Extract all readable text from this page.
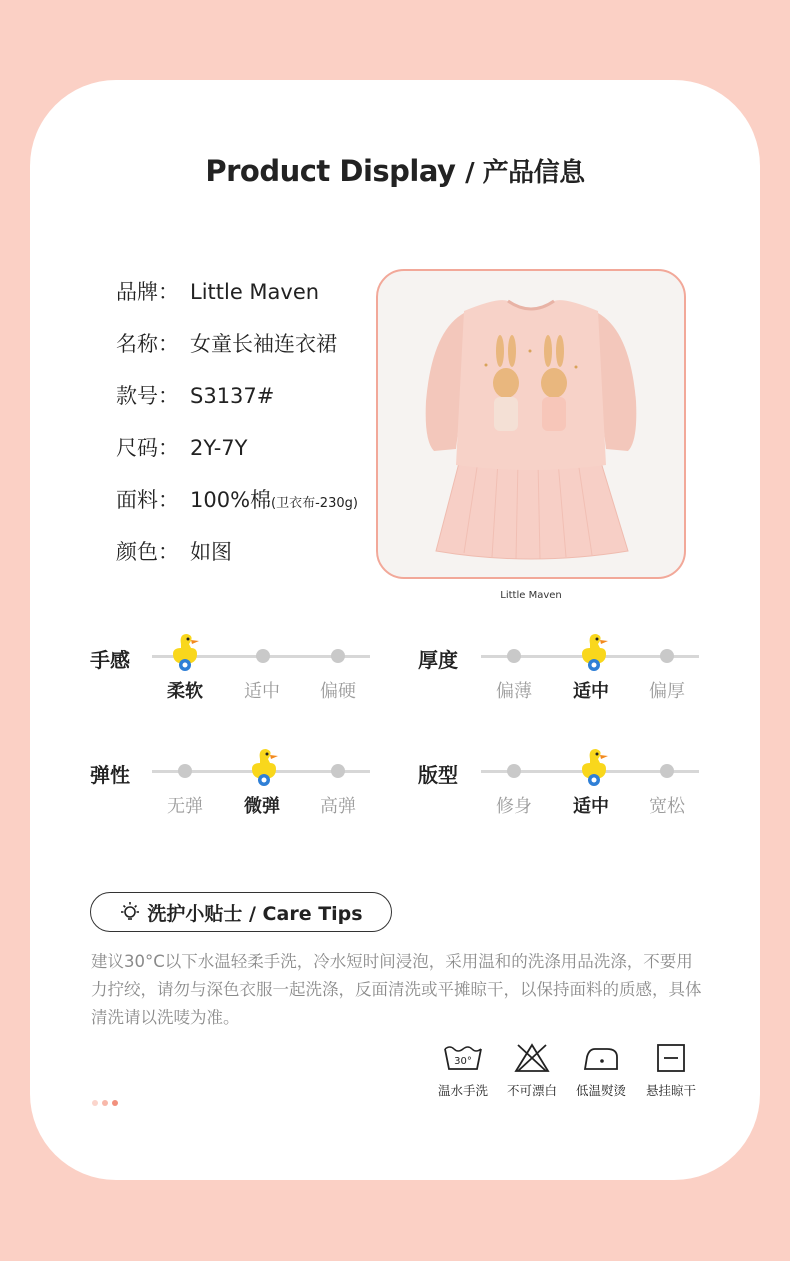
Product Display / 产品信息
品牌： Little Maven
名称： 女童长袖连衣裙
款号： S3137#
尺码： 2Y-7Y
面料： 100%棉(卫衣布-230g)
颜色： 如图
Little Maven
手感
柔软	适中	偏硬
厚度
偏薄	适中	偏厚
弹性
无弹	微弹	高弹
版型
修身	适中	宽松
洗护小贴士 / Care Tips
建议30°C以下水温轻柔手洗，冷水短时间浸泡，采用温和的洗涤用品洗涤，不要用力拧绞，请勿与深色衣服一起洗涤，反面清洗或平摊晾干，以保持面料的质感，具体清洗请以洗唛为准。
30°
温水手洗	不可漂白	低温熨烫	悬挂晾干
